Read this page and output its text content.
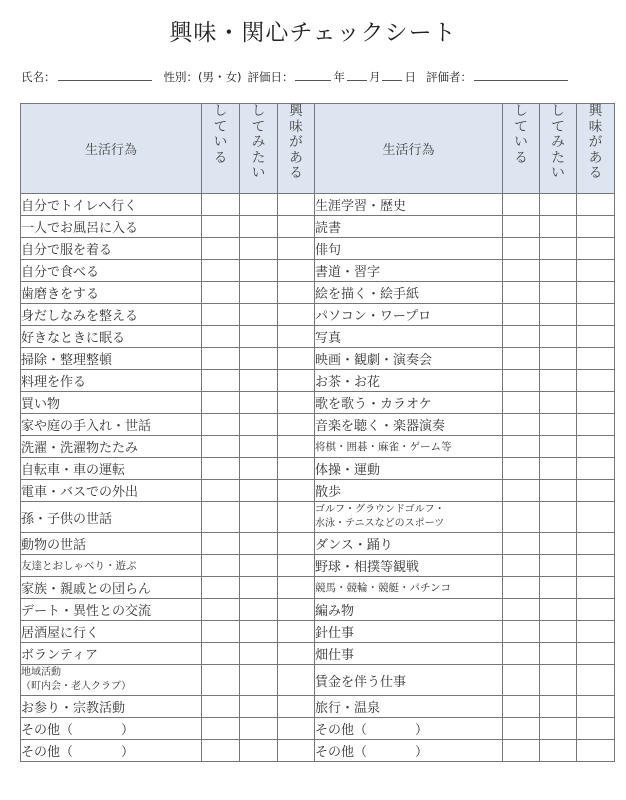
興味・関心チェックシート
氏名：	性別：(男・女) 評価日：	年 月 日 評価者：
生活行為	している	してみたい	興味がある	生活行為	している	してみたい	興味がある

自分でトイレへ行く				生涯学習・歴史			
一人でお風呂に入る				読書			
自分で服を着る				俳句			
自分で食べる				書道・習字			
歯磨きをする				絵を描く・絵手紙			
身だしなみを整える				パソコン・ワープロ			
好きなときに眠る				写真			
掃除・整理整頓				映画・観劇・演奏会			
料理を作る				お茶・お花			
買い物				歌を歌う・カラオケ			
家や庭の手入れ・世話				音楽を聴く・楽器演奏			
洗濯・洗濯物たたみ				将棋・囲碁・麻雀・ゲーム等			
自転車・車の運転				体操・運動			
電車・バスでの外出				散歩			
孫・子供の世話				ゴルフ・グラウンドゴルフ・
水泳・テニスなどのスポーツ			

動物の世話				ダンス・踊り			
友達とおしゃべり・遊ぶ				野球・相撲等観戦			
家族・親戚との団らん				競馬・競輪・競艇・パチンコ			
デート・異性との交流				編み物			
居酒屋に行く				針仕事			
ボランティア				畑仕事			

地域活動
（町内会・老人クラブ）				賃金を伴う仕事			
お参り・宗教活動				旅行・温泉			
その他（ ）				その他（ ）			
その他（ ）				その他（ ）			
